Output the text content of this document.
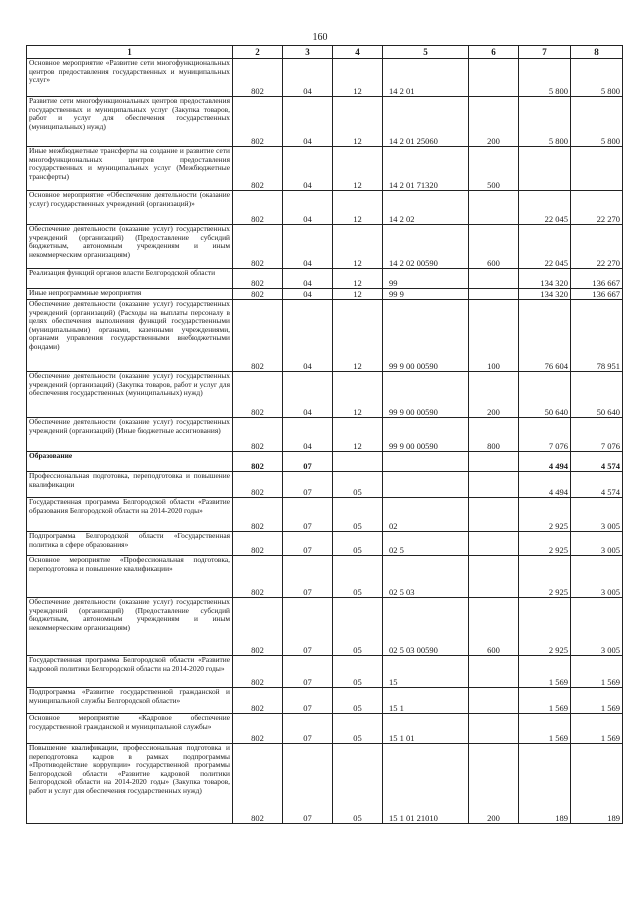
160
1	2	3	4	5	6	7	8
Основное мероприятие «Развитие сети многофункциональных центров предоставления государственных и муниципальных услуг»	802	04	12	14 2 01		5 800	5 800
Развитие сети многофункциональных центров предоставления государственных и муниципальных услуг (Закупка товаров, работ и услуг для обеспечения государственных (муниципальных) нужд)	802	04	12	14 2 01 25060	200	5 800	5 800
Иные межбюджетные трансферты на создание и развитие сети многофункциональных центров предоставления государственных и муниципальных услуг (Межбюджетные трансферты)	802	04	12	14 2 01 71320	500		
Основное мероприятие «Обеспечение деятельности (оказание услуг) государственных учреждений (организаций)»	802	04	12	14 2 02		22 045	22 270
Обеспечение деятельности (оказание услуг) государственных учреждений (организаций) (Предоставление субсидий бюджетным, автономным учреждениям и иным некоммерческим организациям)	802	04	12	14 2 02 00590	600	22 045	22 270
Реализация функций органов власти Белгородской области	802	04	12	99		134 320	136 667
Иные непрограммные мероприятия	802	04	12	99 9		134 320	136 667
Обеспечение деятельности (оказание услуг) государственных учреждений (организаций) (Расходы на выплаты персоналу в целях обеспечения выполнения функций государственными (муниципальными) органами, казенными учреждениями, органами управления государственными внебюджетными фондами)	802	04	12	99 9 00 00590	100	76 604	78 951
Обеспечение деятельности (оказание услуг) государственных учреждений (организаций) (Закупка товаров, работ и услуг для обеспечения государственных (муниципальных) нужд)	802	04	12	99 9 00 00590	200	50 640	50 640
Обеспечение деятельности (оказание услуг) государственных учреждений (организаций) (Иные бюджетные ассигнования)	802	04	12	99 9 00 00590	800	7 076	7 076
Образование	802	07				4 494	4 574
Профессиональная подготовка, переподготовка и повышение квалификации	802	07	05			4 494	4 574
Государственная программа Белгородской области «Развитие образования Белгородской области на 2014-2020 годы»	802	07	05	02		2 925	3 005
Подпрограмма Белгородской области «Государственная политика в сфере образования»	802	07	05	02 5		2 925	3 005
Основное мероприятие «Профессиональная подготовка, переподготовка и повышение квалификации»	802	07	05	02 5 03		2 925	3 005
Обеспечение деятельности (оказание услуг) государственных учреждений (организаций) (Предоставление субсидий бюджетным, автономным учреждениям и иным некоммерческим организациям)	802	07	05	02 5 03 00590	600	2 925	3 005
Государственная программа Белгородской области «Развитие кадровой политики Белгородской области на 2014-2020 годы»	802	07	05	15		1 569	1 569
Подпрограмма «Развитие государственной гражданской и муниципальной службы Белгородской области»	802	07	05	15 1		1 569	1 569
Основное мероприятие «Кадровое обеспечение государственной гражданской и муниципальной службы»	802	07	05	15 1 01		1 569	1 569
Повышение квалификации, профессиональная подготовка и переподготовка кадров в рамках подпрограммы «Противодействие коррупции» государственной программы Белгородской области «Развитие кадровой политики Белгородской области на 2014-2020 годы» (Закупка товаров, работ и услуг для обеспечения государственных нужд)	802	07	05	15 1 01 21010	200	189	189
